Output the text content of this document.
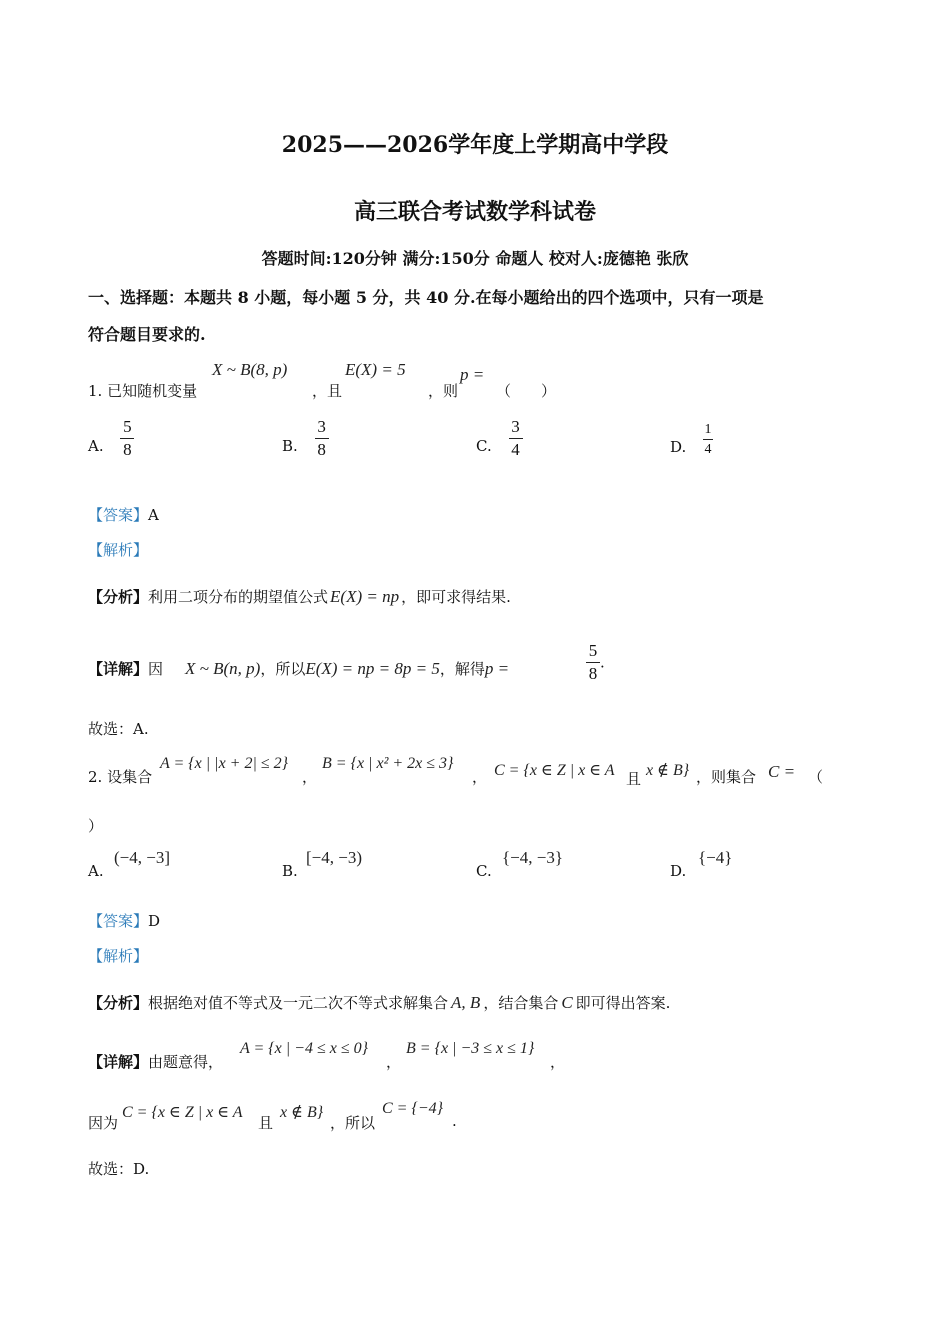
2025——2026学年度上学期高中学段
高三联合考试数学科试卷
答题时间:120分钟 满分:150分 命题人 校对人:庞德艳 张欣
一、选择题：本题共 8 小题，每小题 5 分，共 40 分.在每小题给出的四个选项中，只有一项是
符合题目要求的.
1. 已知随机变量
X ~ B(8, p)
，且
E(X) = 5
，则
p =
（　　）
A. $\frac{5}{8}$	B. $\frac{3}{8}$	C. $\frac{3}{4}$	D. $\frac{1}{4}$
【答案】A
【解析】
【分析】利用二项分布的期望值公式 E(X) = np ，即可求得结果.
【详解】因 X ~ B(n, p)，所以E(X) = np = 8p = 5，解得p =	$\frac{5}{8}$ .
故选：A.
2. 设集合
A = {x | |x + 2| ≤ 2}
，
B = {x | x² + 2x ≤ 3}
， C = {x ∈ Z | x ∈ A 且 x ∉ B} ，则集合 C = （
）
A.
(−4, −3]
B.
[−4, −3)
C.
{−4, −3}
D.
{−4}
【答案】D
【解析】
【分析】根据绝对值不等式及一元二次不等式求解集合 A, B ，结合集合 C 即可得出答案.
【详解】由题意得，
A = {x | −4 ≤ x ≤ 0}
，
B = {x | −3 ≤ x ≤ 1}
，
因为
C = {x ∈ Z | x ∈ A
且
x ∉ B}
，所以
C = {−4}
.
故选：D.
